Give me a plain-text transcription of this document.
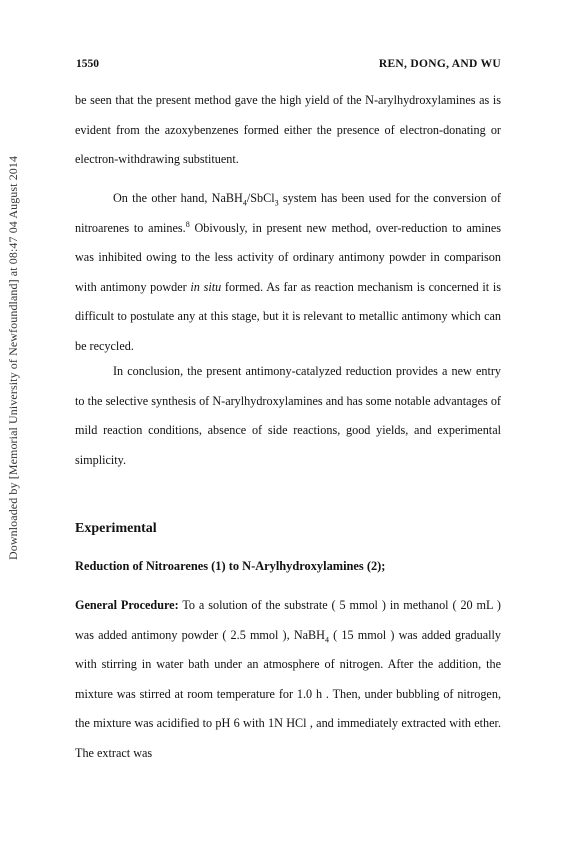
Downloaded by [Memorial University of Newfoundland] at 08:47 04 August 2014
1550	REN, DONG, AND WU

be seen that the present method gave the high yield of the N-arylhydroxylamines as is evident from the azoxybenzenes formed either the presence of electron-donating or electron-withdrawing substituent.

On the other hand, NaBH$_4$/SbCl$_3$ system has been used for the conversion of nitroarenes to amines.$^8$ Obivously, in present new method, over-reduction to amines was inhibited owing to the less activity of ordinary antimony powder in comparison with antimony powder in situ formed. As far as reaction mechanism is concerned it is difficult to postulate any at this stage, but it is relevant to metallic antimony which can be recycled.

In conclusion, the present antimony-catalyzed reduction provides a new entry to the selective synthesis of N-arylhydroxylamines and has some notable advantages of mild reaction conditions, absence of side reactions, good yields, and experimental simplicity.

Experimental
Reduction of Nitroarenes (1) to N-Arylhydroxylamines (2);

General Procedure: To a solution of the substrate ( 5 mmol ) in methanol ( 20 mL ) was added antimony powder ( 2.5 mmol ), NaBH$_4$ ( 15 mmol ) was added gradually with stirring in water bath under an atmosphere of nitrogen. After the addition, the mixture was stirred at room temperature for 1.0 h . Then, under bubbling of nitrogen, the mixture was acidified to pH 6 with 1N HCl , and immediately extracted with ether. The extract was
